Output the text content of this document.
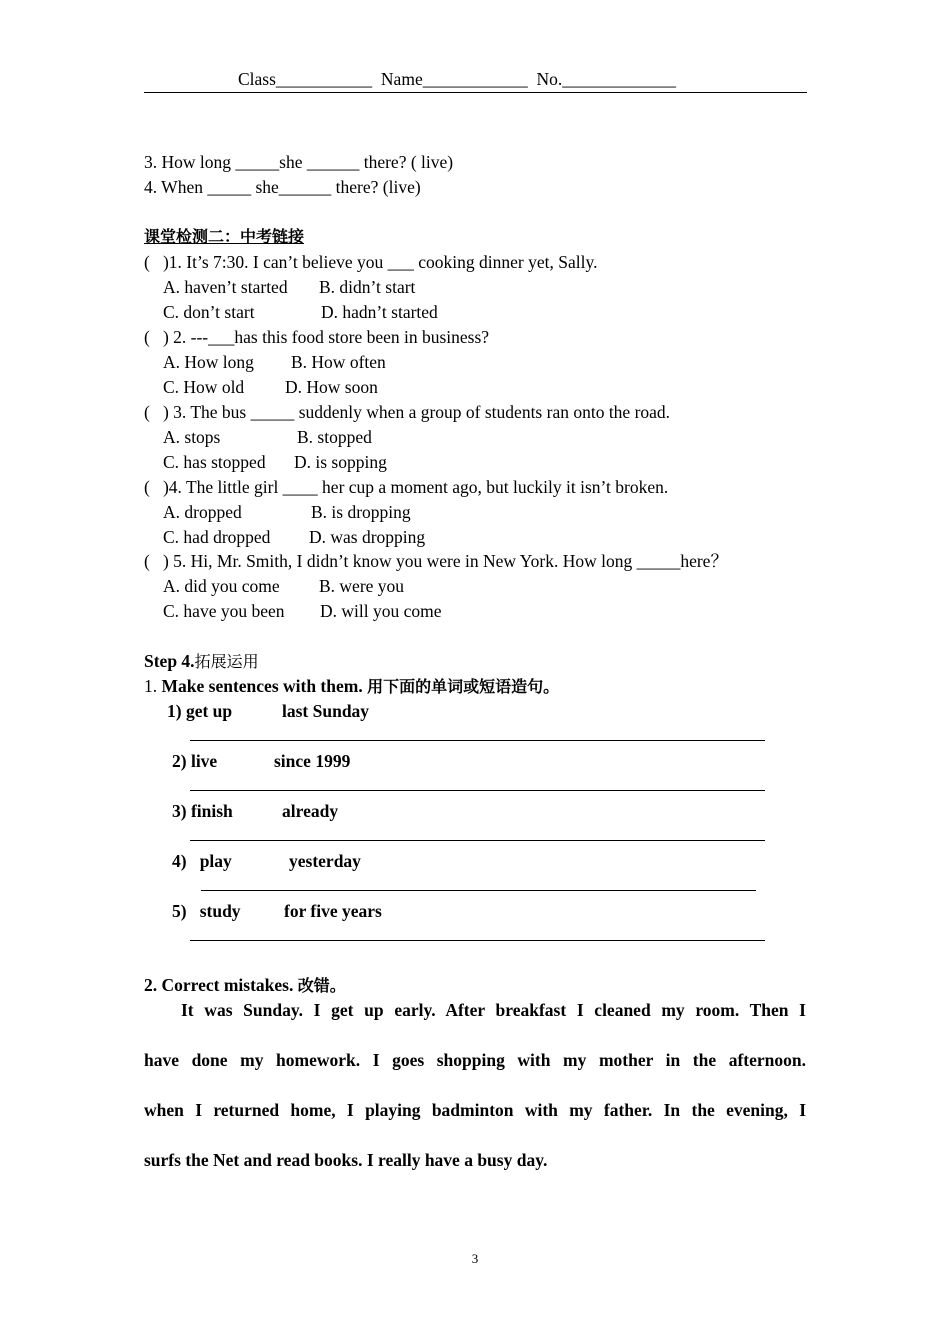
Class___________  Name____________  No._____________
3. How long _____she ______ there? ( live)
4. When _____ she______ there? (live)
课堂检测二：中考链接
(   )1. It’s 7:30. I can’t believe you ___ cooking dinner yet, Sally.
A. haven’t started B. didn’t start
C. don’t start	D. hadn’t started
(   ) 2. ---___has this food store been in business?
A. How long B. How often
C. How old D. How soon
(   ) 3. The bus _____ suddenly when a group of students ran onto the road.
A. stops	B. stopped
C. has stopped D. is sopping
(   )4. The little girl ____ her cup a moment ago, but luckily it isn’t broken.
A. dropped	B. is dropping
C. had dropped D. was dropping
(   ) 5. Hi, Mr. Smith, I didn’t know you were in New York. How long _____here？
A. did you come B. were you
C. have you been D. will you come
Step 4.拓展运用
1. Make sentences with them. 用下面的单词或短语造句。
1) get up	last Sunday
2) live	since 1999
3) finish	already
4)   play	yesterday
5)   study for five years
2. Correct mistakes. 改错。
It was Sunday. I get up early. After breakfast I cleaned my room. Then I
have done my homework. I goes shopping with my mother in the afternoon.
when I returned home, I playing badminton with my father. In the evening, I
surfs the Net and read books. I really have a busy day.
3
